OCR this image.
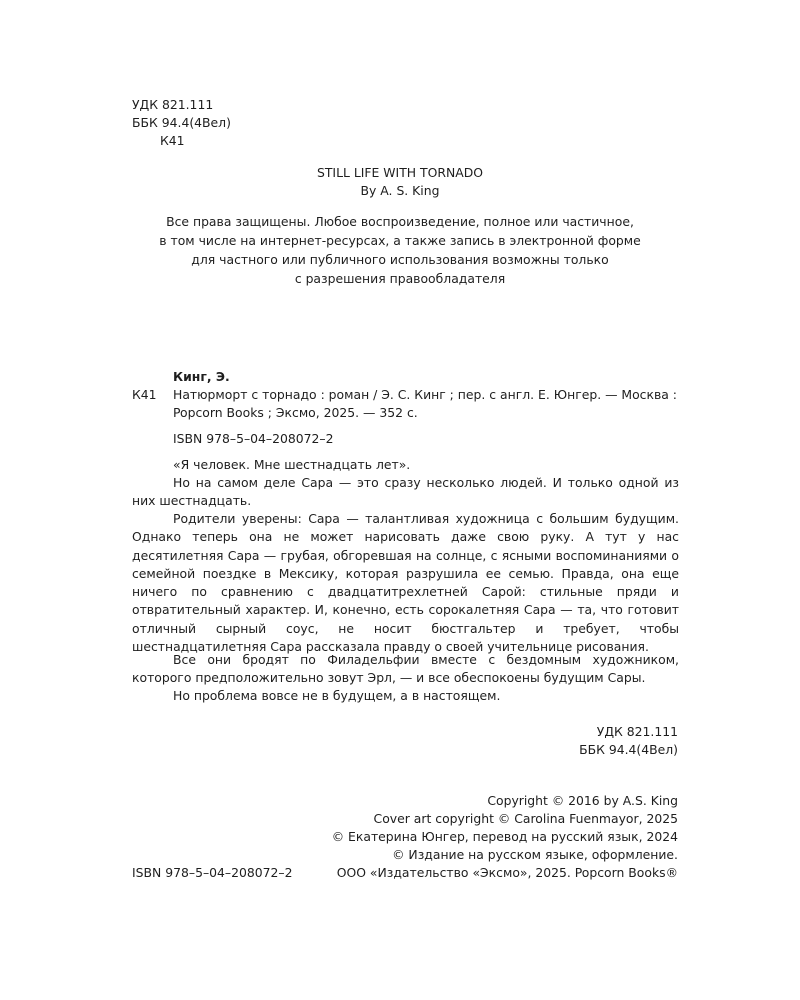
УДК 821.111
ББК 94.4(4Вел)
К41
STILL LIFE WITH TORNADO
By A. S. King
Все права защищены. Любое воспроизведение, полное или частичное,
в том числе на интернет-ресурсах, а также запись в электронной форме
для частного или публичного использования возможны только
с разрешения правообладателя
Кинг, Э.
К41 Натюрморт с торнадо : роман / Э. С. Кинг ; пер. с англ. Е. Юнгер. — Москва :
Popcorn Books ; Эксмо, 2025. — 352 с.
ISBN 978–5–04–208072–2
«Я человек. Мне шестнадцать лет».
Но на самом деле Сара — это сразу несколько людей. И только одной из них шестнадцать.
Родители уверены: Сара — талантливая художница с большим будущим. Однако теперь она не может нарисовать даже свою руку. А тут у нас десятилетняя Сара — грубая, обгоревшая на солнце, с ясными воспоминаниями о семейной поездке в Мексику, которая разрушила ее семью. Правда, она еще ничего по сравнению с двадцатитрехлетней Сарой: стильные пряди и отвратительный характер. И, конечно, есть сорокалетняя Сара — та, что готовит отличный сырный соус, не носит бюстгальтер и требует, чтобы шестнадцатилетняя Сара рассказала правду о своей учительнице рисования.
Все они бродят по Филадельфии вместе с бездомным художником, которого предположительно зовут Эрл, — и все обеспокоены будущим Сары.
Но проблема вовсе не в будущем, а в настоящем.
УДК 821.111
ББК 94.4(4Вел)
Copyright © 2016 by A.S. King
Cover art copyright © Carolina Fuenmayor, 2025
© Екатерина Юнгер, перевод на русский язык, 2024
© Издание на русском языке, оформление.
ООО «Издательство «Эксмо», 2025. Popcorn Books®
ISBN 978–5–04–208072–2
